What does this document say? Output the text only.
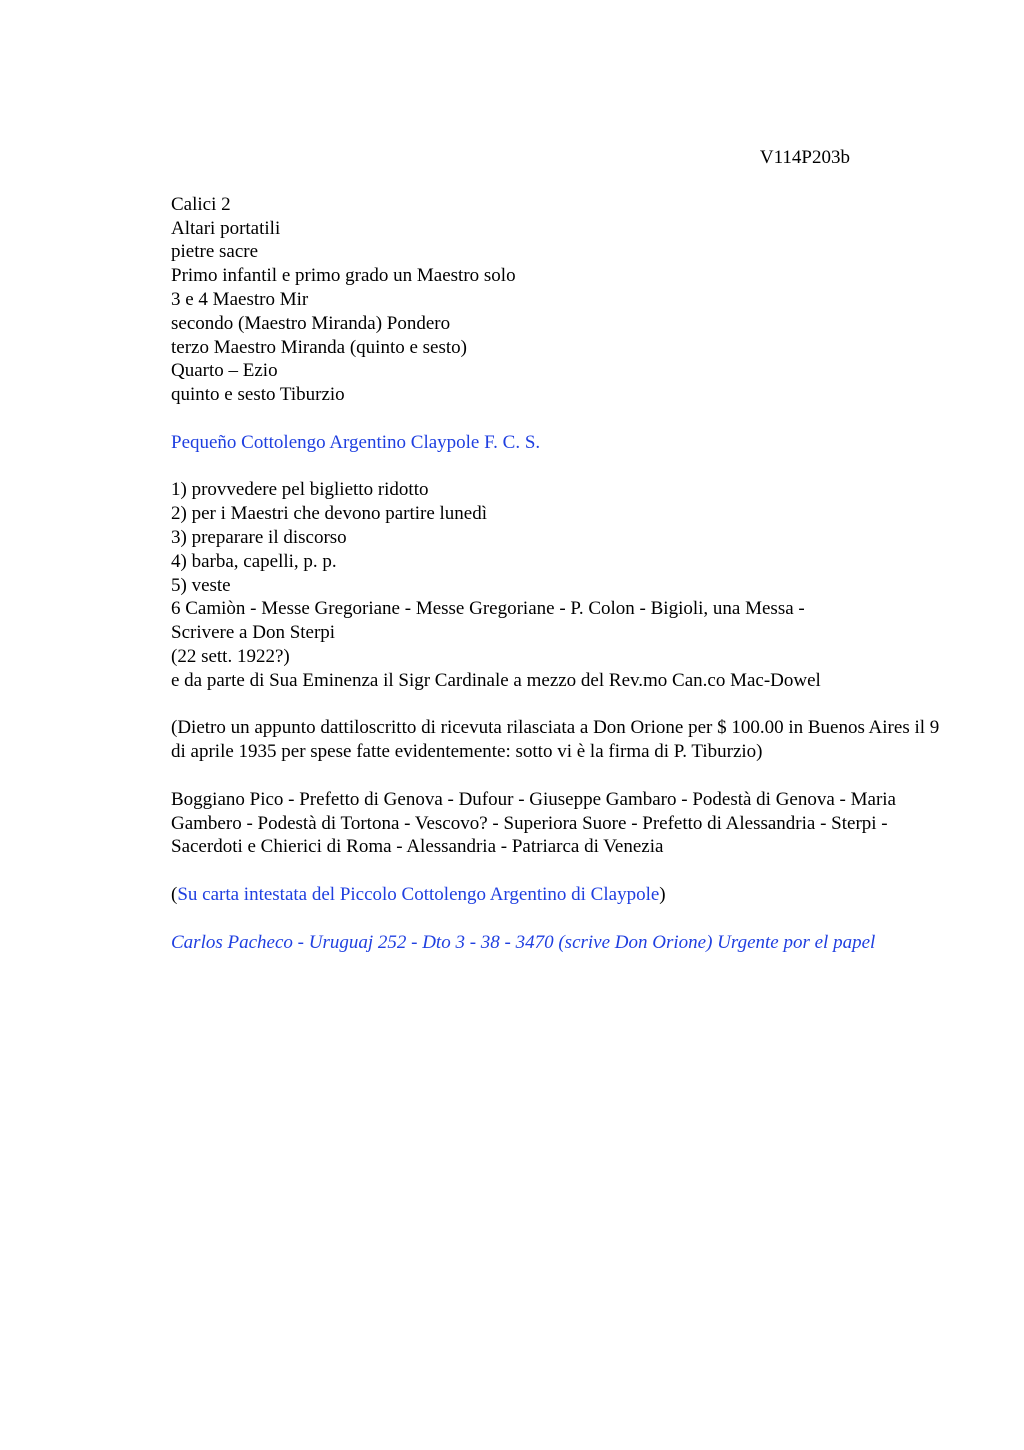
V114P203b
Calici 2
Altari portatili
pietre sacre
Primo infantil e primo grado un Maestro solo
3 e 4 Maestro Mir
secondo (Maestro Miranda) Pondero
terzo Maestro Miranda (quinto e sesto)
Quarto – Ezio
quinto e sesto Tiburzio
Pequeño Cottolengo Argentino Claypole F. C. S.
1) provvedere pel biglietto ridotto
2) per i Maestri che devono partire lunedì
3) preparare il discorso
4) barba, capelli, p. p.
5) veste
6 Camiòn - Messe Gregoriane - Messe Gregoriane - P. Colon - Bigioli, una Messa - Scrivere a Don Sterpi
(22 sett. 1922?)
e da parte di Sua Eminenza il Sigr Cardinale a mezzo del Rev.mo Can.co Mac-Dowel
(Dietro un appunto dattiloscritto di ricevuta rilasciata a Don Orione per $ 100.00 in Buenos Aires il 9 di aprile 1935 per spese fatte evidentemente: sotto vi è la firma di P. Tiburzio)
Boggiano Pico - Prefetto di Genova - Dufour - Giuseppe Gambaro - Podestà di Genova - Maria Gambero - Podestà di Tortona - Vescovo? - Superiora Suore - Prefetto di Alessandria - Sterpi - Sacerdoti e Chierici di Roma - Alessandria - Patriarca di Venezia
(Su carta intestata del Piccolo Cottolengo Argentino di Claypole)
Carlos Pacheco - Uruguaj 252 - Dto 3 - 38 - 3470 (scrive Don Orione) Urgente por el papel
